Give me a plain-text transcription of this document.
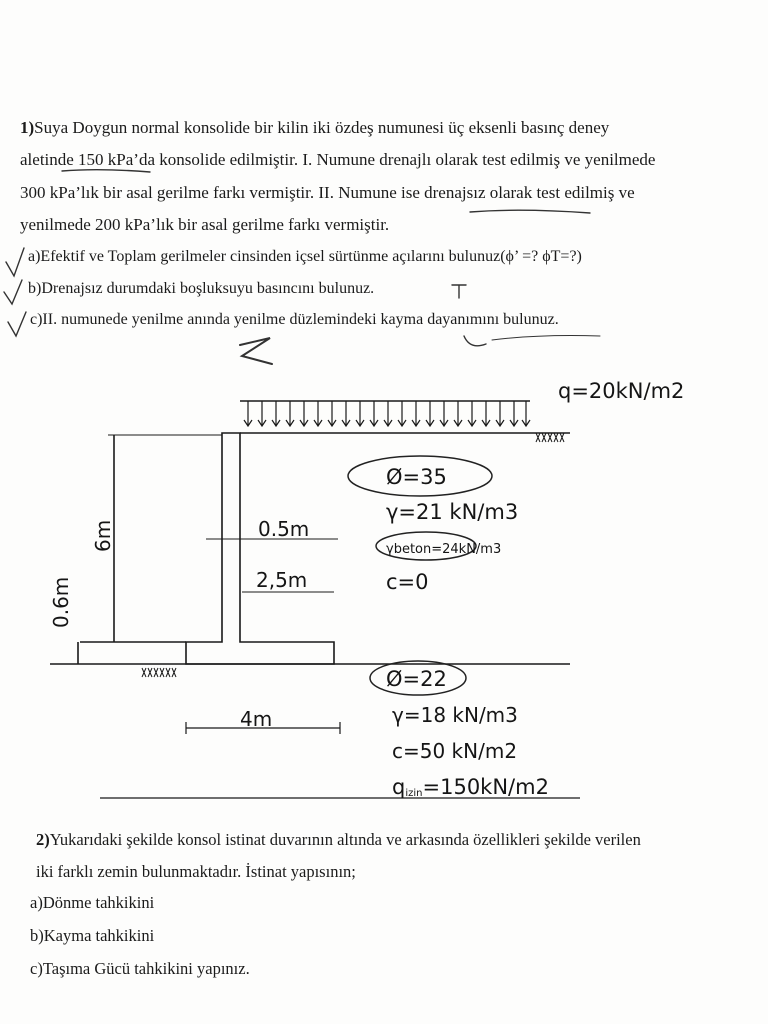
1)Suya Doygun normal konsolide bir kilin iki özdeş numunesi üç eksenli basınç deney
aletinde 150 kPa’da konsolide edilmiştir. I. Numune drenajlı olarak test edilmiş ve yenilmede
300 kPa’lık bir asal gerilme farkı vermiştir. II. Numune ise drenajsız olarak test edilmiş ve
yenilmede 200 kPa’lık bir asal gerilme farkı vermiştir.
a)Efektif ve Toplam gerilmeler cinsinden içsel sürtünme açılarını bulunuz(ϕ’ =? ϕT=?)
b)Drenajsız durumdaki boşluksuyu basıncını bulunuz.
c)II. numunede yenilme anında yenilme düzlemindeki kayma dayanımını bulunuz.
q=20kN/m2
Ø=35
γ=21 kN/m3
γbeton=24kN/m3
c=0
0.5m
2,5m
4m
Ø=22
γ=18 kN/m3
c=50 kN/m2
qizin=150kN/m2
6m
0.6m
2)Yukarıdaki şekilde konsol istinat duvarının altında ve arkasında özellikleri şekilde verilen
iki farklı zemin bulunmaktadır. İstinat yapısının;
a)Dönme tahkikini
b)Kayma tahkikini
c)Taşıma Gücü tahkikini yapınız.
